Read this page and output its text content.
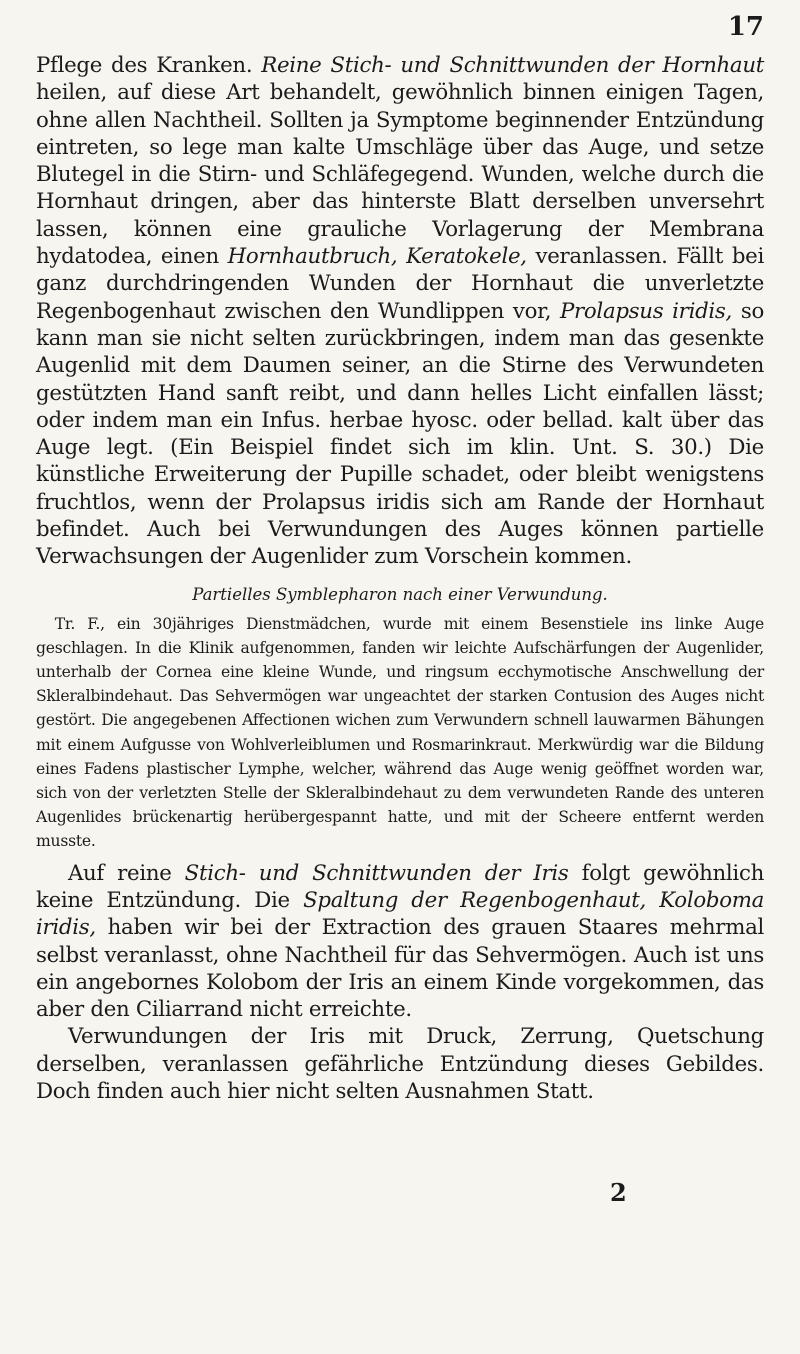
17

Pflege des Kranken. Reine Stich- und Schnittwunden der Hornhaut heilen, auf diese Art behandelt, gewöhnlich binnen einigen Tagen, ohne allen Nachtheil. Sollten ja Symptome beginnender Entzündung eintreten, so lege man kalte Umschläge über das Auge, und setze Blutegel in die Stirn- und Schläfegegend. Wunden, welche durch die Hornhaut dringen, aber das hinterste Blatt derselben unversehrt lassen, können eine grauliche Vorlagerung der Membrana hydatodea, einen Hornhautbruch, Keratokele, veranlassen. Fällt bei ganz durchdringenden Wunden der Hornhaut die unverletzte Regenbogenhaut zwischen den Wundlippen vor, Prolapsus iridis, so kann man sie nicht selten zurückbringen, indem man das gesenkte Augenlid mit dem Daumen seiner, an die Stirne des Verwundeten gestützten Hand sanft reibt, und dann helles Licht einfallen lässt; oder indem man ein Infus. herbae hyosc. oder bellad. kalt über das Auge legt. (Ein Beispiel findet sich im klin. Unt. S. 30.) Die künstliche Erweiterung der Pupille schadet, oder bleibt wenigstens fruchtlos, wenn der Prolapsus iridis sich am Rande der Hornhaut befindet. Auch bei Verwundungen des Auges können partielle Verwachsungen der Augenlider zum Vorschein kommen.

Partielles Symblepharon nach einer Verwundung.

Tr. F., ein 30jähriges Dienstmädchen, wurde mit einem Besenstiele ins linke Auge geschlagen. In die Klinik aufgenommen, fanden wir leichte Aufschärfungen der Augenlider, unterhalb der Cornea eine kleine Wunde, und ringsum ecchymotische Anschwellung der Skleralbindehaut. Das Sehvermögen war ungeachtet der starken Contusion des Auges nicht gestört. Die angegebenen Affectionen wichen zum Verwundern schnell lauwarmen Bähungen mit einem Aufgusse von Wohlverleiblumen und Rosmarinkraut. Merkwürdig war die Bildung eines Fadens plastischer Lymphe, welcher, während das Auge wenig geöffnet worden war, sich von der verletzten Stelle der Skleralbindehaut zu dem verwundeten Rande des unteren Augenlides brückenartig herübergespannt hatte, und mit der Scheere entfernt werden musste.

Auf reine Stich- und Schnittwunden der Iris folgt gewöhnlich keine Entzündung. Die Spaltung der Regenbogenhaut, Koloboma iridis, haben wir bei der Extraction des grauen Staares mehrmal selbst veranlasst, ohne Nachtheil für das Sehvermögen. Auch ist uns ein angebornes Kolobom der Iris an einem Kinde vorgekommen, das aber den Ciliarrand nicht erreichte.

Verwundungen der Iris mit Druck, Zerrung, Quetschung derselben, veranlassen gefährliche Entzündung dieses Gebildes. Doch finden auch hier nicht selten Ausnahmen Statt.

2
